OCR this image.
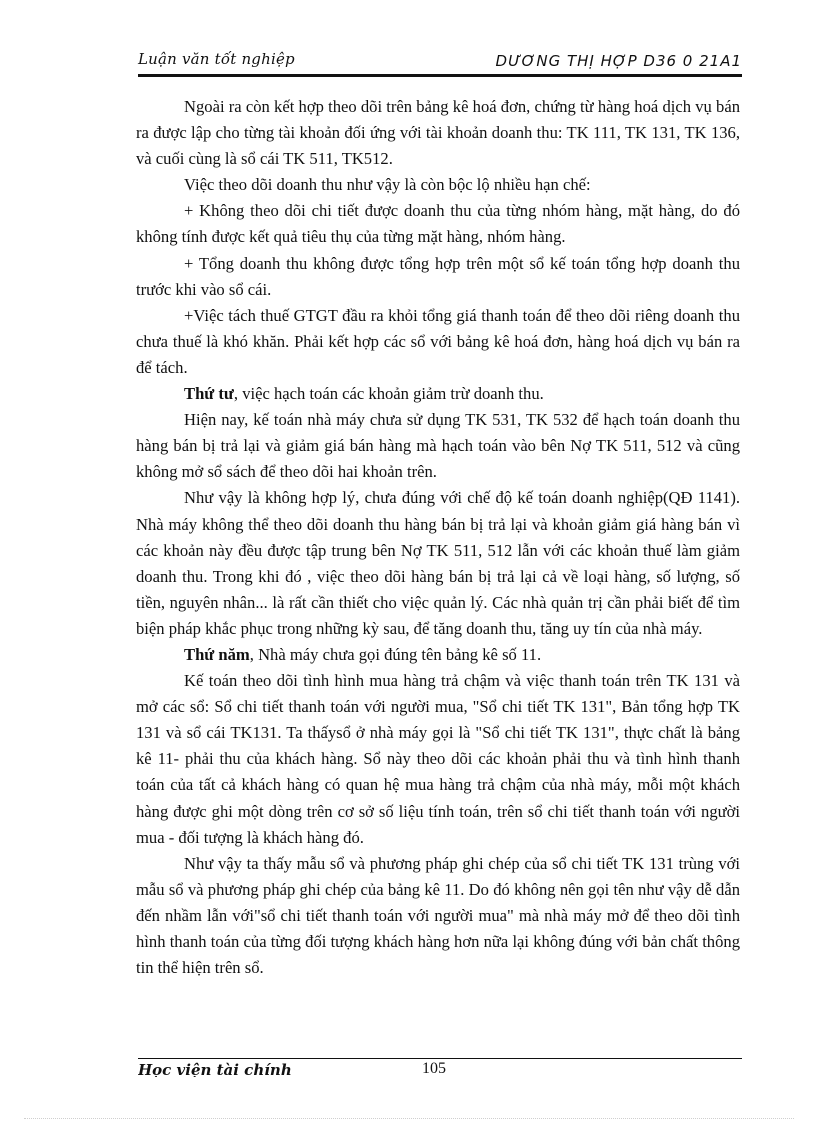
Luận văn tốt nghiệp	DƯƠNG THỊ HỢP D36 0 21A1

Ngoài ra còn kết hợp theo dõi trên bảng kê hoá đơn, chứng từ hàng hoá dịch vụ bán ra được lập cho từng tài khoản đối ứng với tài khoản doanh thu: TK 111, TK 131, TK 136, và cuối cùng là sổ cái TK 511, TK512.

Việc theo dõi doanh thu như vậy là còn bộc lộ nhiều hạn chế:

+ Không theo dõi chi tiết được doanh thu của từng nhóm hàng, mặt hàng, do đó không tính được kết quả tiêu thụ của từng mặt hàng, nhóm hàng.

+ Tổng doanh thu không được tổng hợp trên một sổ kế toán tổng hợp doanh thu trước khi vào sổ cái.

+Việc tách thuế GTGT đầu ra khỏi tổng giá thanh toán để theo dõi riêng doanh thu chưa thuế là khó khăn. Phải kết hợp các sổ với bảng kê hoá đơn, hàng hoá dịch vụ bán ra để tách.

Thứ tư, việc hạch toán các khoản giảm trừ doanh thu.

Hiện nay, kế toán nhà máy chưa sử dụng TK 531, TK 532 để hạch toán doanh thu hàng bán bị trả lại và giảm giá bán hàng mà hạch toán vào bên Nợ TK 511, 512 và cũng không mở sổ sách để theo dõi hai khoản trên.

Như vậy là không hợp lý, chưa đúng với chế độ kế toán doanh nghiệp(QĐ 1141). Nhà máy không thể theo dõi doanh thu hàng bán bị trả lại và khoản giảm giá hàng bán vì các khoản này đều được tập trung bên Nợ TK 511, 512 lẫn với các khoản thuế làm giảm doanh thu. Trong khi đó , việc theo dõi hàng bán bị trả lại cả về loại hàng, số lượng, số tiền, nguyên nhân... là rất cần thiết cho việc quản lý. Các nhà quản trị cần phải biết để tìm biện pháp khắc phục trong những kỳ sau, để tăng doanh thu, tăng uy tín của nhà máy.

Thứ năm, Nhà máy chưa gọi đúng tên bảng kê số 11.

Kế toán theo dõi tình hình mua hàng trả chậm và việc thanh toán trên TK 131 và mở các sổ: Sổ chi tiết thanh toán với người mua, "Sổ chi tiết TK 131", Bản tổng hợp TK 131 và sổ cái TK131. Ta thấysổ ở nhà máy gọi là "Sổ chi tiết TK 131", thực chất là bảng kê 11- phải thu của khách hàng. Sổ này theo dõi các khoản phải thu và tình hình thanh toán của tất cả khách hàng có quan hệ mua hàng trả chậm của nhà máy, mỗi một khách hàng được ghi một dòng trên cơ sở số liệu tính toán, trên sổ chi tiết thanh toán với người mua - đối tượng là khách hàng đó.

Như vậy ta thấy mẫu sổ và phương pháp ghi chép của sổ chi tiết TK 131 trùng với mẫu sổ và phương pháp ghi chép của bảng kê 11. Do đó không nên gọi tên như vậy dễ dẫn đến nhầm lẫn với"sổ chi tiết thanh toán với người mua" mà nhà máy mở để theo dõi tình hình thanh toán của từng đối tượng khách hàng hơn nữa lại không đúng với bản chất thông tin thể hiện trên sổ.

Học viện tài chính	105
